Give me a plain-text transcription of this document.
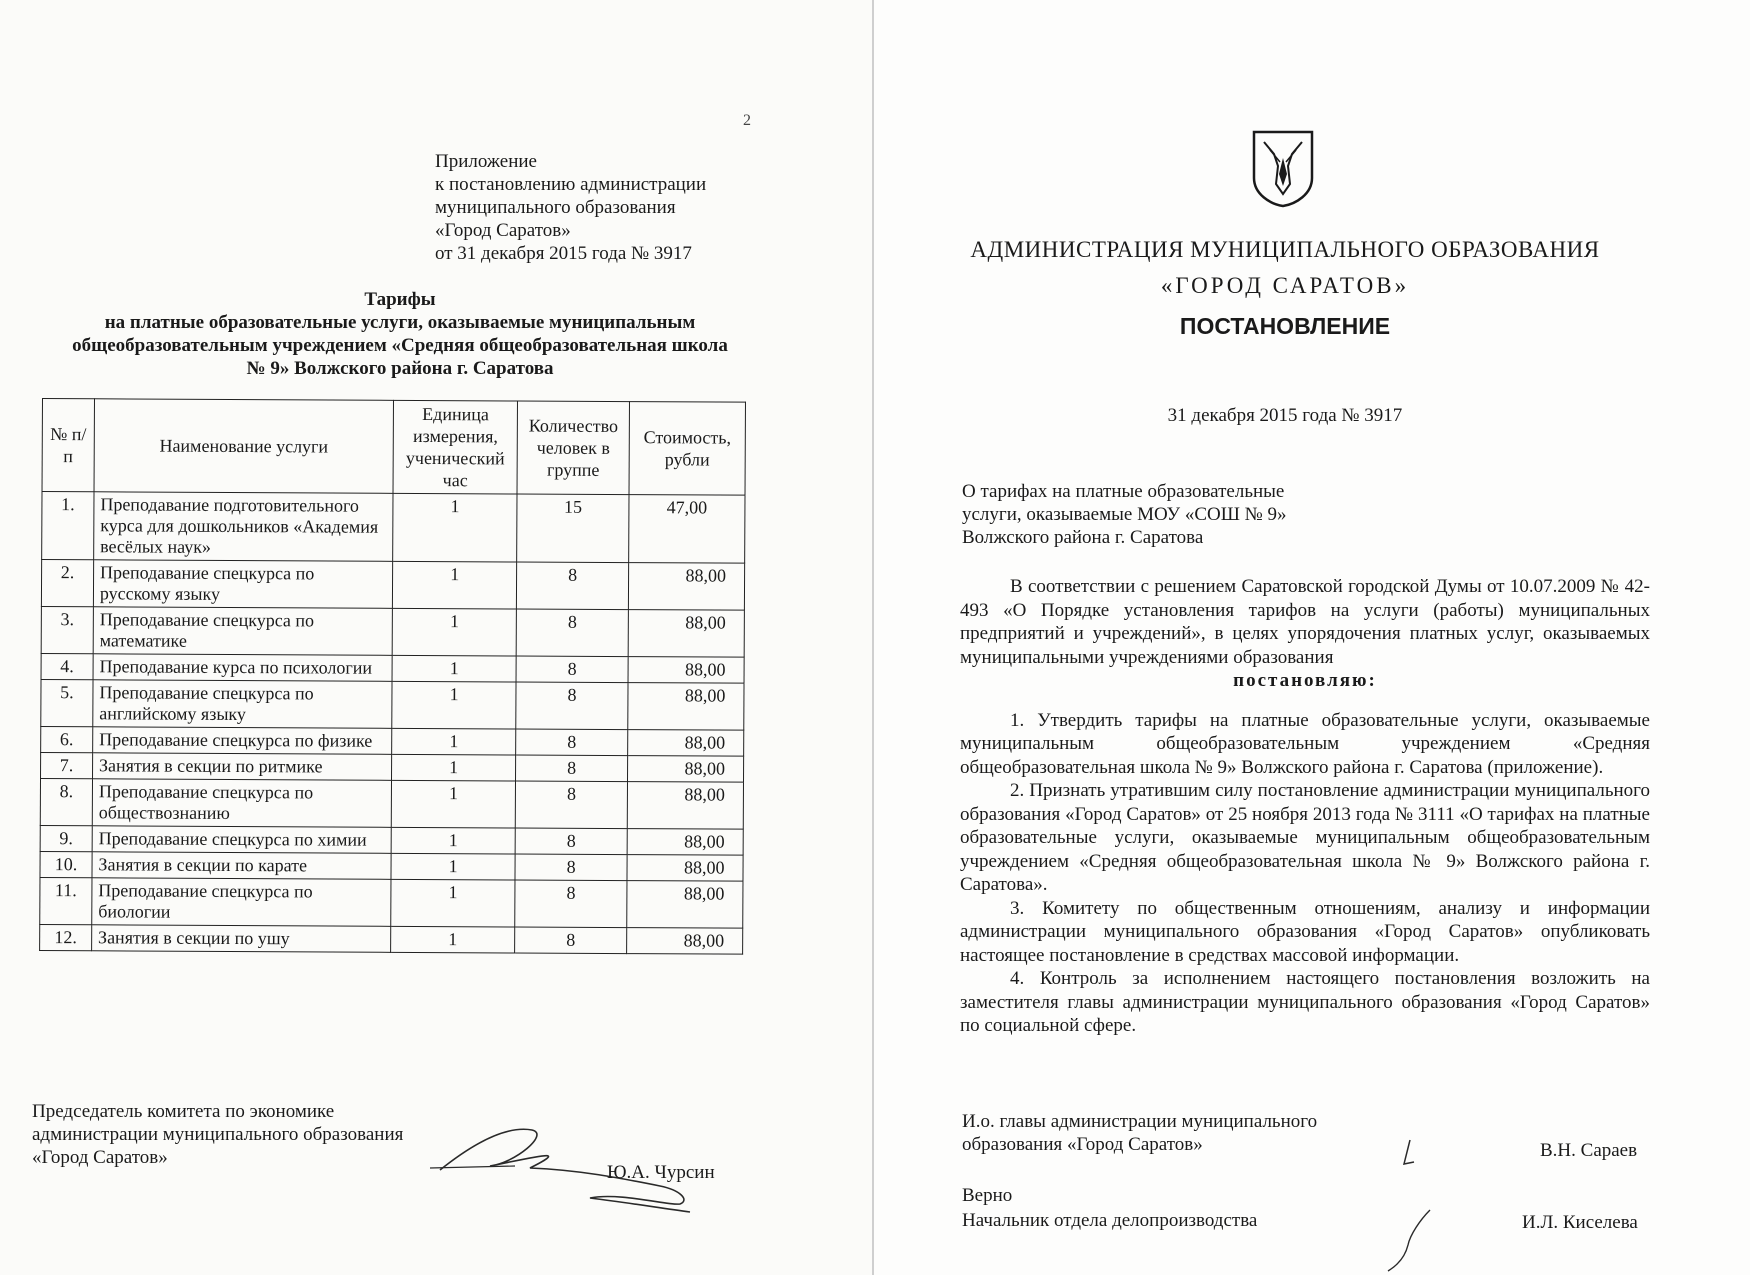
2
Приложение
к постановлению администрации
муниципального образования
«Город Саратов»
от 31 декабря 2015 года № 3917
Тарифы
на платные образовательные услуги, оказываемые муниципальным общеобразовательным учреждением «Средняя общеобразовательная школа № 9» Волжского района г. Саратова
№ п/п	Наименование услуги	Единица измерения, ученический час	Количество человек в группе	Стоимость, рубли
1.	Преподавание подготовительного курса для дошкольников «Академия весёлых наук»	1	15	47,00
2.	Преподавание спецкурса по русскому языку	1	8	88,00
3.	Преподавание спецкурса по математике	1	8	88,00
4.	Преподавание курса по психологии	1	8	88,00
5.	Преподавание спецкурса по английскому языку	1	8	88,00
6.	Преподавание спецкурса по физике	1	8	88,00
7.	Занятия в секции по ритмике	1	8	88,00
8.	Преподавание спецкурса по обществознанию	1	8	88,00
9.	Преподавание спецкурса по химии	1	8	88,00
10.	Занятия в секции по карате	1	8	88,00
11.	Преподавание спецкурса по биологии	1	8	88,00
12.	Занятия в секции по ушу	1	8	88,00
Председатель комитета по экономике
администрации муниципального образования
«Город Саратов»
Ю.А. Чурсин
АДМИНИСТРАЦИЯ МУНИЦИПАЛЬНОГО ОБРАЗОВАНИЯ
«ГОРОД САРАТОВ»
ПОСТАНОВЛЕНИЕ
31 декабря 2015 года № 3917
О тарифах на платные образовательные
услуги, оказываемые МОУ «СОШ № 9»
Волжского района г. Саратова

В соответствии с решением Саратовской городской Думы от 10.07.2009 № 42-493 «О Порядке установления тарифов на услуги (работы) муниципальных предприятий и учреждений», в целях упорядочения платных услуг, оказываемых муниципальными учреждениями образования

постановляю:

1. Утвердить тарифы на платные образовательные услуги, оказываемые муниципальным общеобразовательным учреждением «Средняя общеобразовательная школа № 9» Волжского района г. Саратова (приложение).

2. Признать утратившим силу постановление администрации муниципального образования «Город Саратов» от 25 ноября 2013 года № 3111 «О тарифах на платные образовательные услуги, оказываемые муниципальным общеобразовательным учреждением «Средняя общеобразовательная школа № 9» Волжского района г. Саратова».

3. Комитету по общественным отношениям, анализу и информации администрации муниципального образования «Город Саратов» опубликовать настоящее постановление в средствах массовой информации.

4. Контроль за исполнением настоящего постановления возложить на заместителя главы администрации муниципального образования «Город Саратов» по социальной сфере.

И.о. главы администрации муниципального
образования «Город Саратов»	В.Н. Сараев
Верно
Начальник отдела делопроизводства	И.Л. Киселева
